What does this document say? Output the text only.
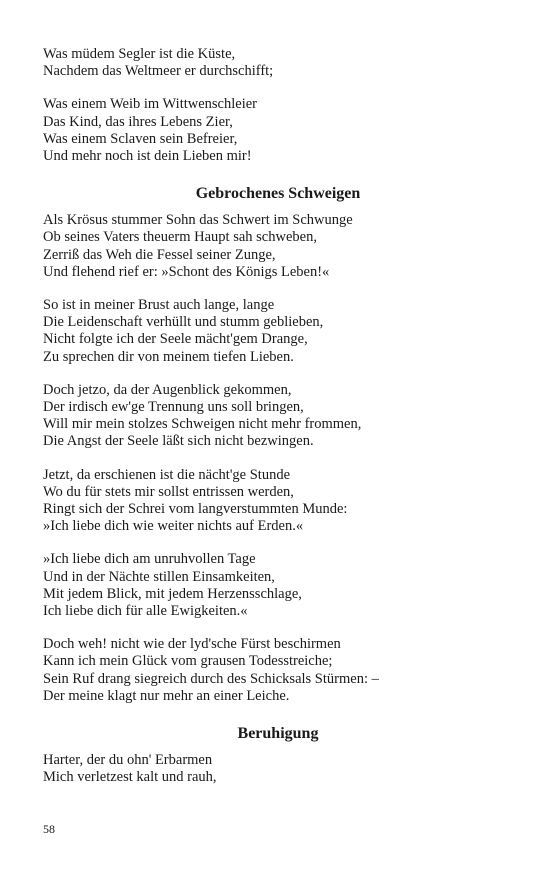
Was müdem Segler ist die Küste,
Nachdem das Weltmeer er durchschifft;
Was einem Weib im Wittwenschleier
Das Kind, das ihres Lebens Zier,
Was einem Sclaven sein Befreier,
Und mehr noch ist dein Lieben mir!
Gebrochenes Schweigen
Als Krösus stummer Sohn das Schwert im Schwunge
Ob seines Vaters theuerm Haupt sah schweben,
Zerriß das Weh die Fessel seiner Zunge,
Und flehend rief er: »Schont des Königs Leben!«
So ist in meiner Brust auch lange, lange
Die Leidenschaft verhüllt und stumm geblieben,
Nicht folgte ich der Seele mächt'gem Drange,
Zu sprechen dir von meinem tiefen Lieben.
Doch jetzo, da der Augenblick gekommen,
Der irdisch ew'ge Trennung uns soll bringen,
Will mir mein stolzes Schweigen nicht mehr frommen,
Die Angst der Seele läßt sich nicht bezwingen.
Jetzt, da erschienen ist die nächt'ge Stunde
Wo du für stets mir sollst entrissen werden,
Ringt sich der Schrei vom langverstummten Munde:
»Ich liebe dich wie weiter nichts auf Erden.«
»Ich liebe dich am unruhvollen Tage
Und in der Nächte stillen Einsamkeiten,
Mit jedem Blick, mit jedem Herzensschlage,
Ich liebe dich für alle Ewigkeiten.«
Doch weh! nicht wie der lyd'sche Fürst beschirmen
Kann ich mein Glück vom grausen Todesstreiche;
Sein Ruf drang siegreich durch des Schicksals Stürmen: –
Der meine klagt nur mehr an einer Leiche.
Beruhigung
Harter, der du ohn' Erbarmen
Mich verletzest kalt und rauh,
58
